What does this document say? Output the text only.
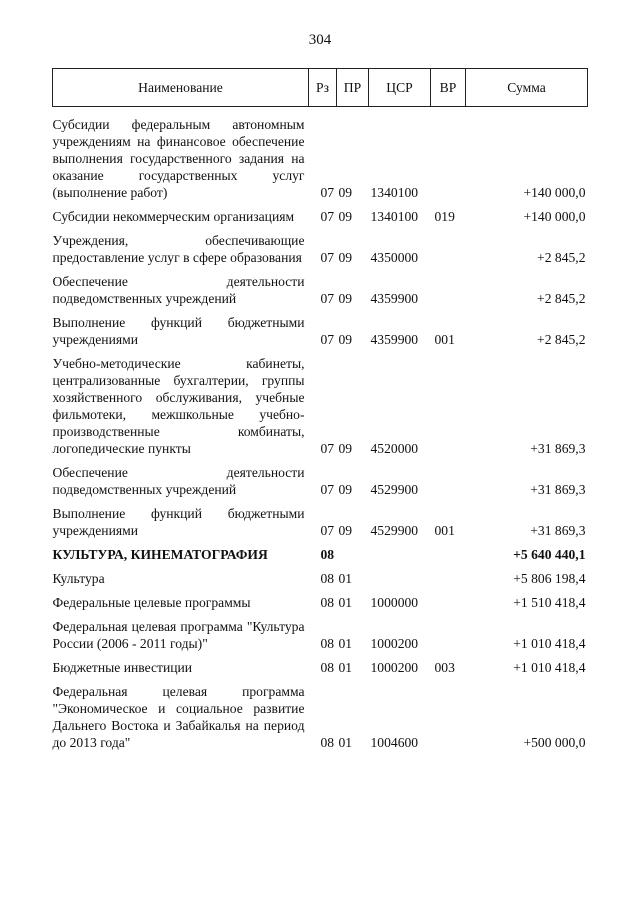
304
Наименование	Рз	ПР	ЦСР	ВР	Сумма

Субсидии федеральным автономным учреждениям на финансовое обеспечение выполнения государственного задания на оказание государственных услуг (выполнение работ)	07	09	1340100		+140 000,0

Субсидии некоммерческим организациям	07	09	1340100	019	+140 000,0

Учреждения, обеспечивающие предоставление услуг в сфере образования	07	09	4350000		+2 845,2

Обеспечение деятельности подведомственных учреждений	07	09	4359900		+2 845,2

Выполнение функций бюджетными учреждениями	07	09	4359900	001	+2 845,2

Учебно-методические кабинеты, централизованные бухгалтерии, группы хозяйственного обслуживания, учебные фильмотеки, межшкольные учебно-производственные комбинаты, логопедические пункты	07	09	4520000		+31 869,3

Обеспечение деятельности подведомственных учреждений	07	09	4529900		+31 869,3

Выполнение функций бюджетными учреждениями	07	09	4529900	001	+31 869,3

КУЛЬТУРА, КИНЕМАТОГРАФИЯ	08				+5 640 440,1

Культура	08	01			+5 806 198,4

Федеральные целевые программы	08	01	1000000		+1 510 418,4

Федеральная целевая программа "Культура России (2006 - 2011 годы)"	08	01	1000200		+1 010 418,4

Бюджетные инвестиции	08	01	1000200	003	+1 010 418,4

Федеральная целевая программа "Экономическое и социальное развитие Дальнего Востока и Забайкалья на период до 2013 года"	08	01	1004600		+500 000,0
